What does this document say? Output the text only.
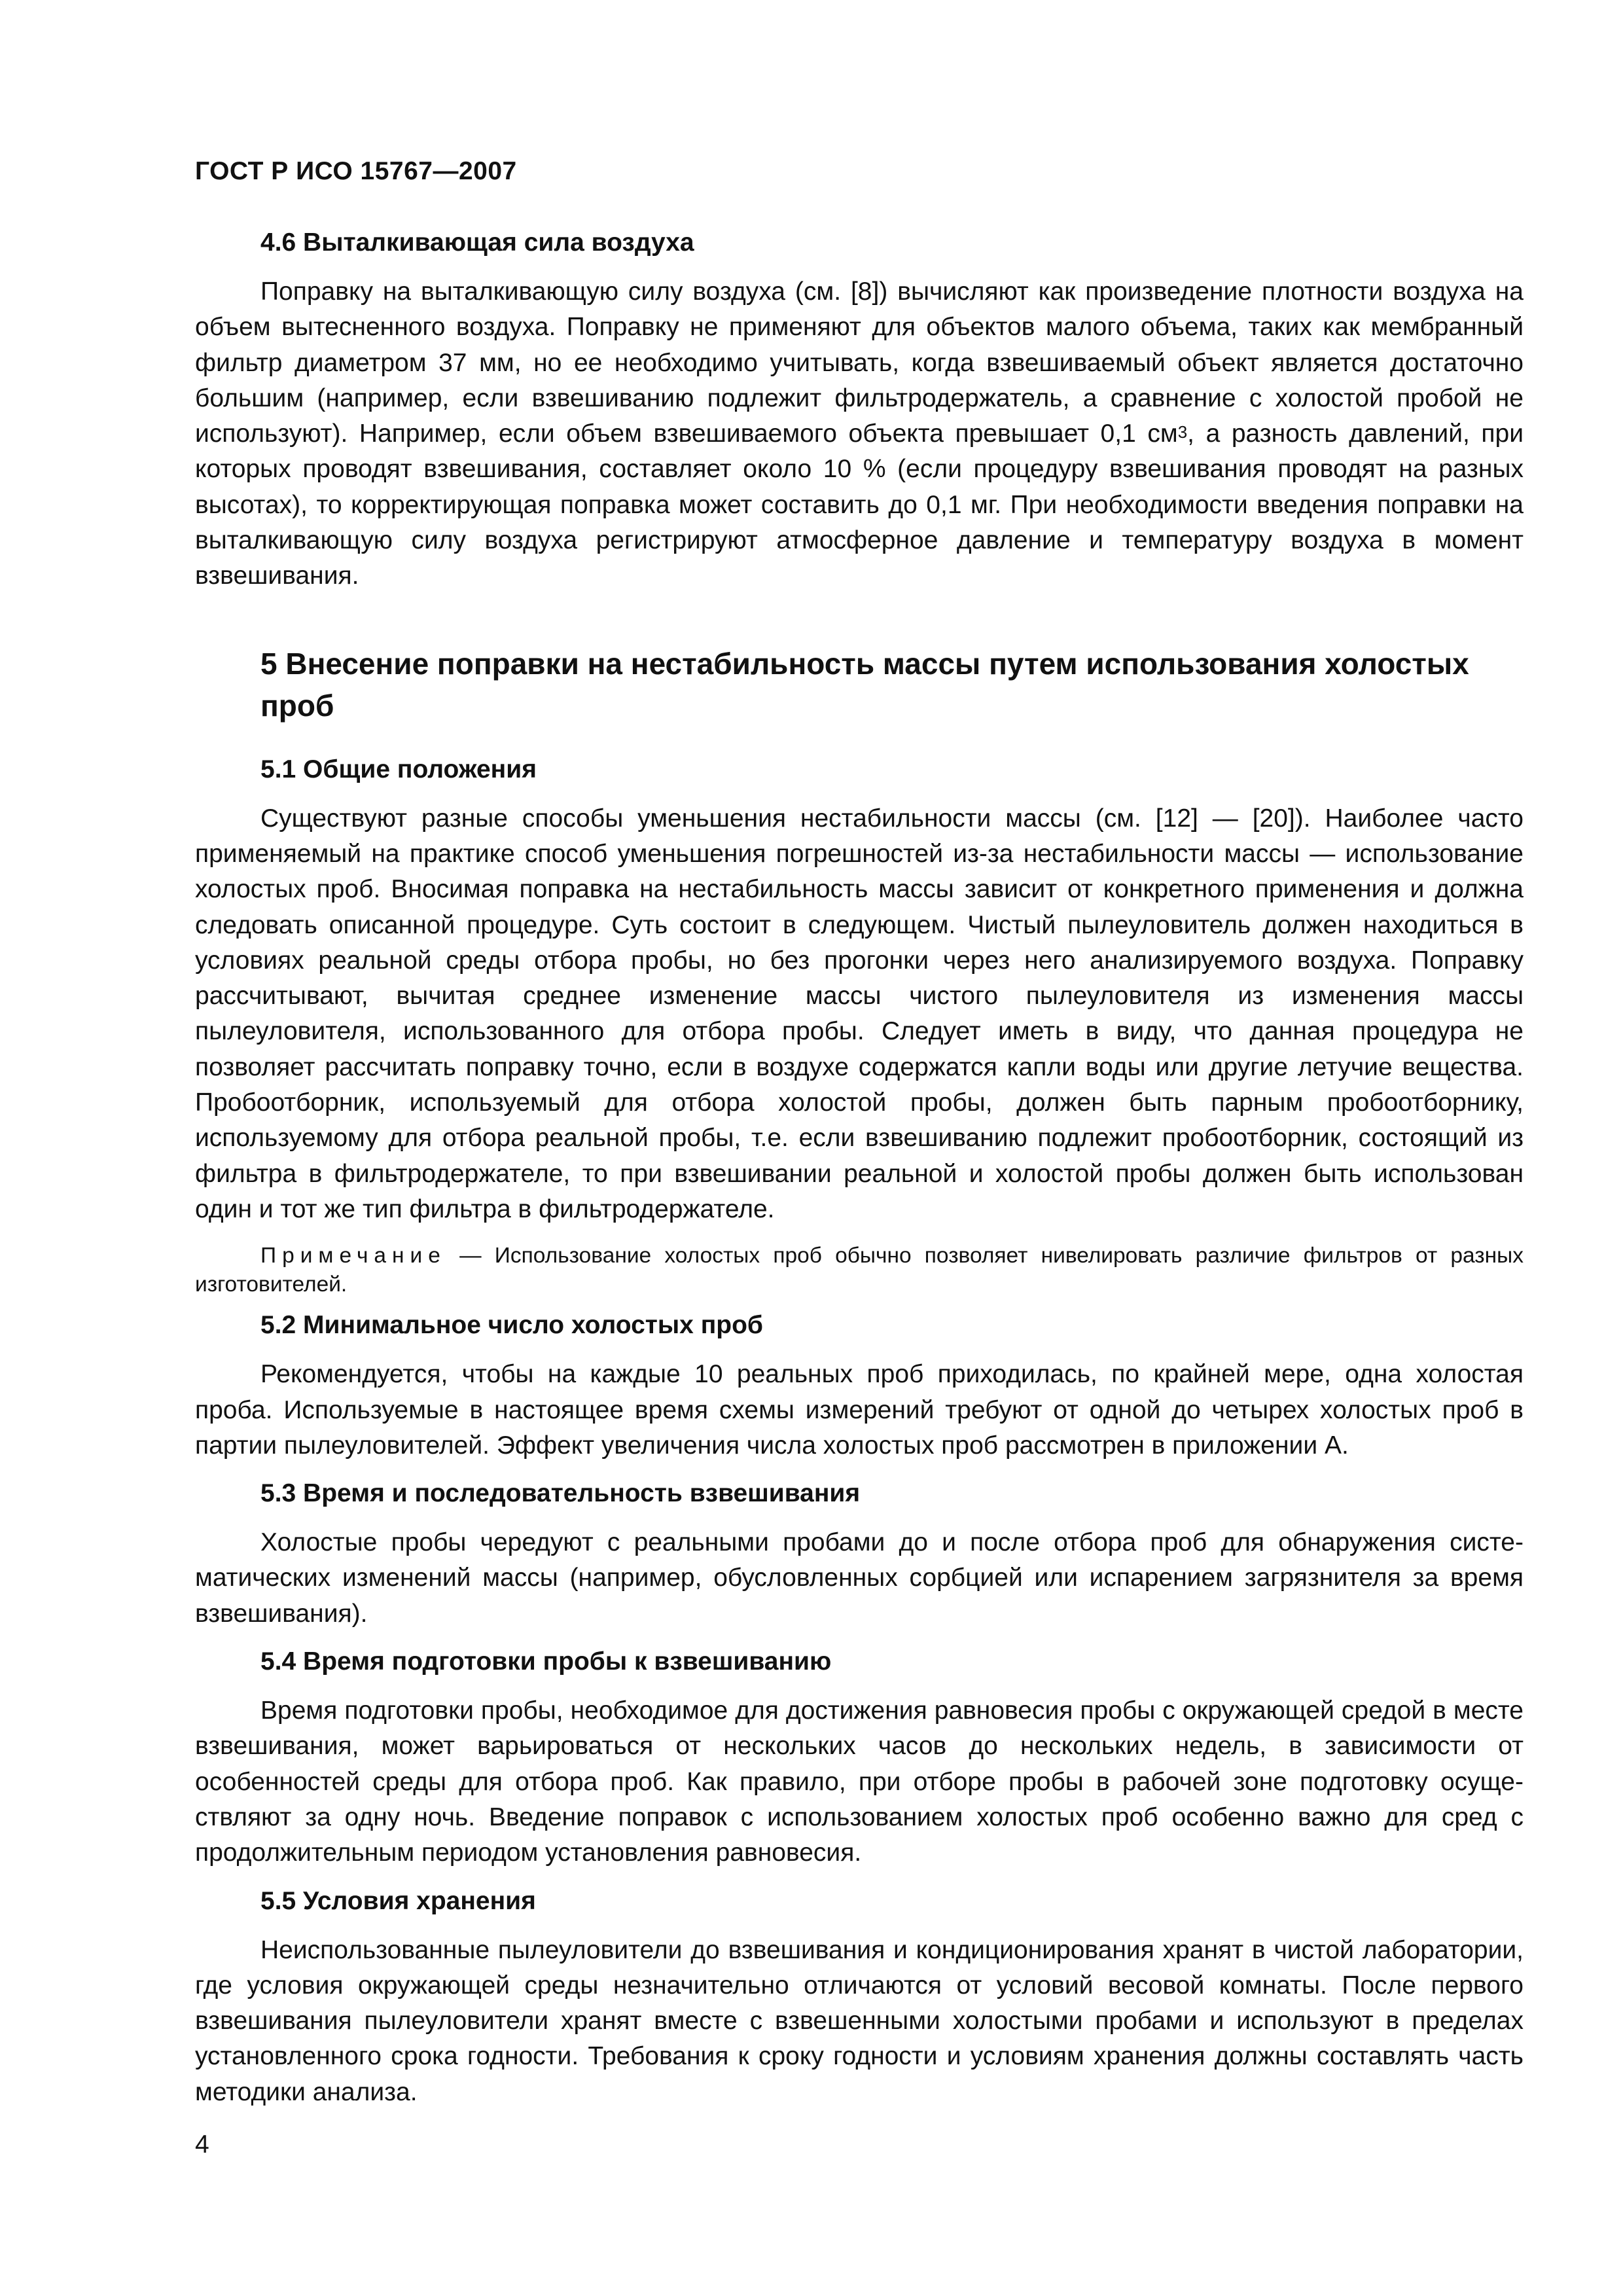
ГОСТ Р ИСО 15767—2007
4.6 Выталкивающая сила воздуха

Поправку на выталкивающую силу воздуха (см. [8]) вычисляют как произведение плотности воздуха на объем вытесненного воздуха. Поправку не применяют для объектов малого объема, таких как мембранный фильтр диаметром 37 мм, но ее необходимо учитывать, когда взвешиваемый объект является достаточно большим (например, если взвешиванию подлежит фильтродержатель, а сравнение с холостой пробой не используют). Например, если объем взвешиваемого объекта превышает 0,1 $см^3$, а разность давлений, при которых проводят взвешивания, составляет около 10 % (если процедуру взвешивания проводят на разных высотах), то корректирующая поправка может составить до 0,1 мг. При необходимости введения поправки на выталкивающую силу воздуха регистрируют атмосферное давление и температуру воздуха в момент взвешивания.

5 Внесение поправки на нестабильность массы путем использования холостых проб
5.1 Общие положения

Существуют разные способы уменьшения нестабильности массы (см. [12] — [20]). Наиболее часто применяемый на практике способ уменьшения погрешностей из-за нестабильности массы — использование холостых проб. Вносимая поправка на нестабильность массы зависит от конкретного применения и должна следовать описанной процедуре. Суть состоит в следующем. Чистый пылеуловитель должен находиться в условиях реальной среды отбора пробы, но без прогонки через него анализируемого воздуха. Поправку рассчитывают, вычитая среднее изменение массы чистого пылеуловителя из изменения массы пылеуловителя, использованного для отбора пробы. Следует иметь в виду, что данная процедура не позволяет рассчитать поправку точно, если в воздухе содержатся капли воды или другие летучие вещества. Пробоотборник, используемый для отбора холостой пробы, должен быть парным пробоотборнику, используемому для отбора реальной пробы, т.е. если взвешиванию подлежит пробоотборник, состоящий из фильтра в фильтродержателе, то при взвешивании реальной и холостой пробы должен быть использован один и тот же тип фильтра в фильтродержателе.

Примечание — Использование холостых проб обычно позволяет нивелировать различие фильтров от разных изготовителей.

5.2 Минимальное число холостых проб

Рекомендуется, чтобы на каждые 10 реальных проб приходилась, по крайней мере, одна холостая проба. Используемые в настоящее время схемы измерений требуют от одной до четырех холостых проб в партии пылеуловителей. Эффект увеличения числа холостых проб рассмотрен в приложении А.

5.3 Время и последовательность взвешивания

Холостые пробы чередуют с реальными пробами до и после отбора проб для обнаружения систематических изменений массы (например, обусловленных сорбцией или испарением загрязнителя за время взвешивания).

5.4 Время подготовки пробы к взвешиванию

Время подготовки пробы, необходимое для достижения равновесия пробы с окружающей средой в месте взвешивания, может варьироваться от нескольких часов до нескольких недель, в зависимости от особенностей среды для отбора проб. Как правило, при отборе пробы в рабочей зоне подготовку осуществляют за одну ночь. Введение поправок с использованием холостых проб особенно важно для сред с продолжительным периодом установления равновесия.

5.5 Условия хранения

Неиспользованные пылеуловители до взвешивания и кондиционирования хранят в чистой лаборатории, где условия окружающей среды незначительно отличаются от условий весовой комнаты. После первого взвешивания пылеуловители хранят вместе с взвешенными холостыми пробами и используют в пределах установленного срока годности. Требования к сроку годности и условиям хранения должны составлять часть методики анализа.

4
